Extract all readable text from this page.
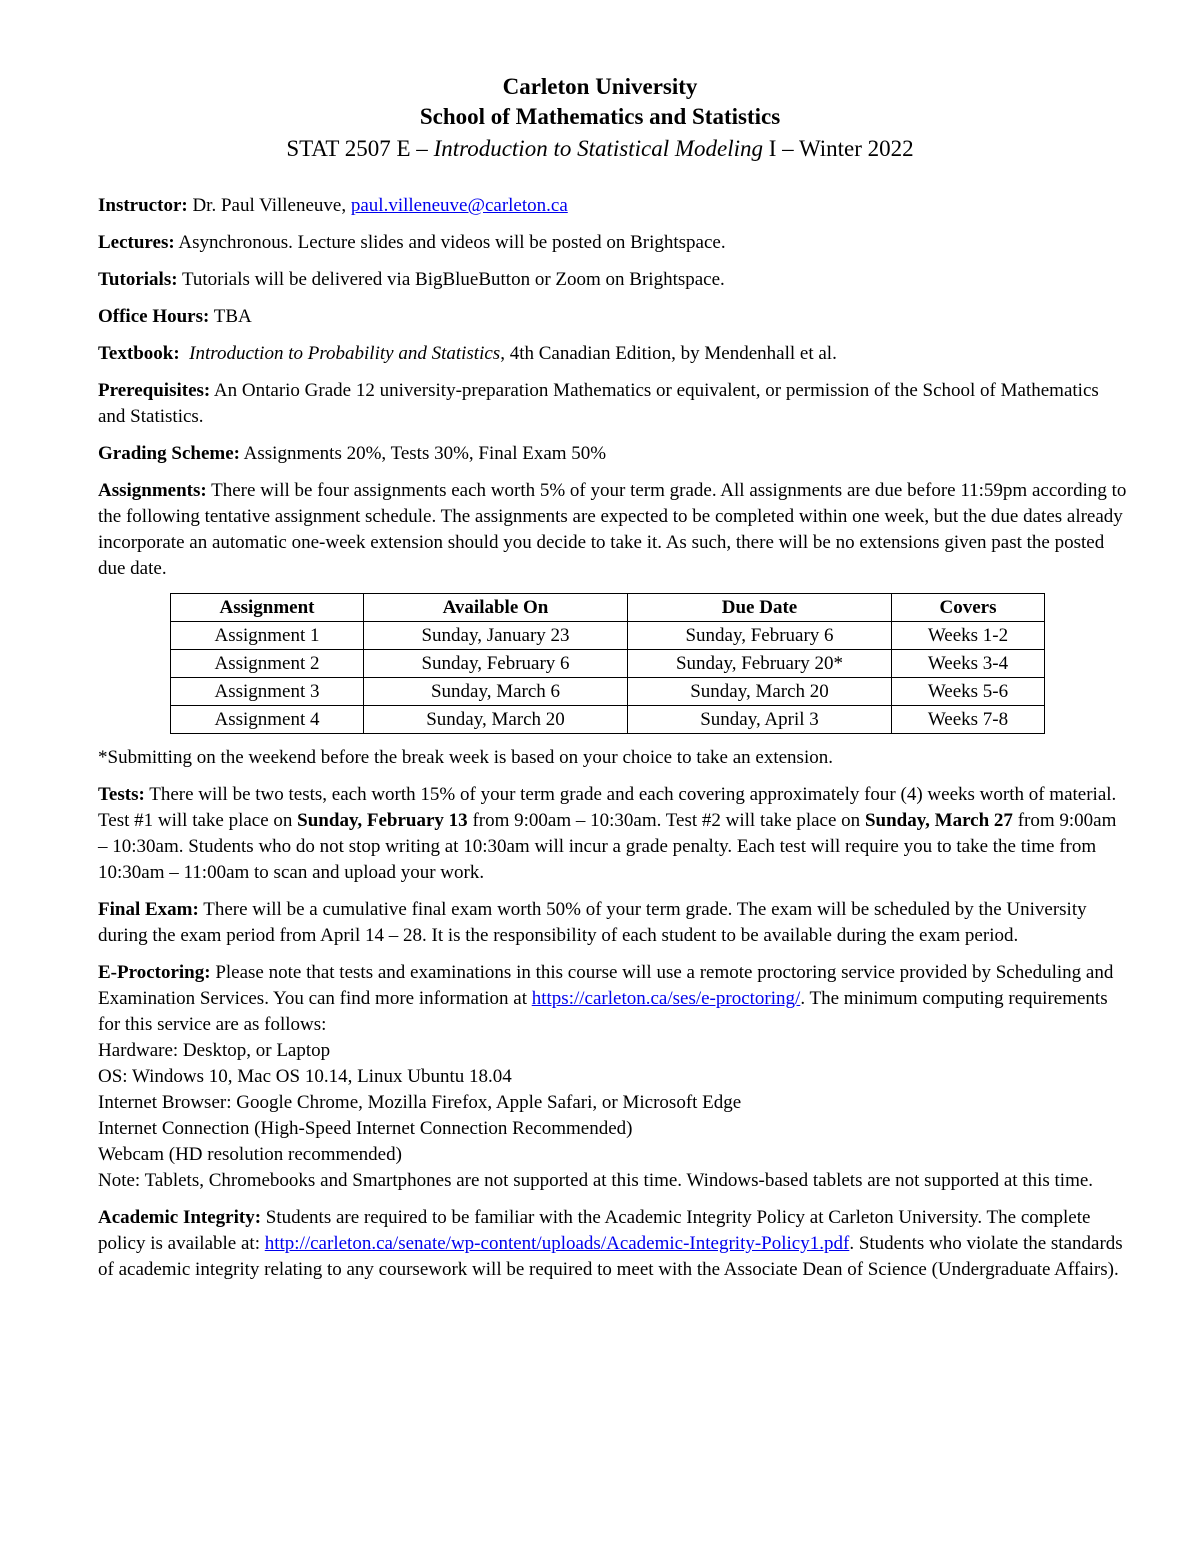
Carleton University
School of Mathematics and Statistics
STAT 2507 E – Introduction to Statistical Modeling I – Winter 2022

Instructor: Dr. Paul Villeneuve, paul.villeneuve@carleton.ca

Lectures: Asynchronous. Lecture slides and videos will be posted on Brightspace.

Tutorials: Tutorials will be delivered via BigBlueButton or Zoom on Brightspace.

Office Hours: TBA

Textbook: Introduction to Probability and Statistics, 4th Canadian Edition, by Mendenhall et al.

Prerequisites: An Ontario Grade 12 university-preparation Mathematics or equivalent, or permission of the School of Mathematics and Statistics.

Grading Scheme: Assignments 20%, Tests 30%, Final Exam 50%

Assignments: There will be four assignments each worth 5% of your term grade. All assignments are due before 11:59pm according to the following tentative assignment schedule. The assignments are expected to be completed within one week, but the due dates already incorporate an automatic one-week extension should you decide to take it. As such, there will be no extensions given past the posted due date.

Assignment	Available On	Due Date	Covers
Assignment 1	Sunday, January 23	Sunday, February 6	Weeks 1-2
Assignment 2	Sunday, February 6	Sunday, February 20*	Weeks 3-4
Assignment 3	Sunday, March 6	Sunday, March 20	Weeks 5-6
Assignment 4	Sunday, March 20	Sunday, April 3	Weeks 7-8

*Submitting on the weekend before the break week is based on your choice to take an extension.

Tests: There will be two tests, each worth 15% of your term grade and each covering approximately four (4) weeks worth of material. Test #1 will take place on Sunday, February 13 from 9:00am – 10:30am. Test #2 will take place on Sunday, March 27 from 9:00am – 10:30am. Students who do not stop writing at 10:30am will incur a grade penalty. Each test will require you to take the time from 10:30am – 11:00am to scan and upload your work.

Final Exam: There will be a cumulative final exam worth 50% of your term grade. The exam will be scheduled by the University during the exam period from April 14 – 28. It is the responsibility of each student to be available during the exam period.

E-Proctoring: Please note that tests and examinations in this course will use a remote proctoring service provided by Scheduling and Examination Services. You can find more information at https://carleton.ca/ses/e-proctoring/. The minimum computing requirements for this service are as follows:
Hardware: Desktop, or Laptop
OS: Windows 10, Mac OS 10.14, Linux Ubuntu 18.04
Internet Browser: Google Chrome, Mozilla Firefox, Apple Safari, or Microsoft Edge
Internet Connection (High-Speed Internet Connection Recommended)
Webcam (HD resolution recommended)
Note: Tablets, Chromebooks and Smartphones are not supported at this time. Windows-based tablets are not supported at this time.

Academic Integrity: Students are required to be familiar with the Academic Integrity Policy at Carleton University. The complete policy is available at: http://carleton.ca/senate/wp-content/uploads/Academic-Integrity-Policy1.pdf. Students who violate the standards of academic integrity relating to any coursework will be required to meet with the Associate Dean of Science (Undergraduate Affairs).
